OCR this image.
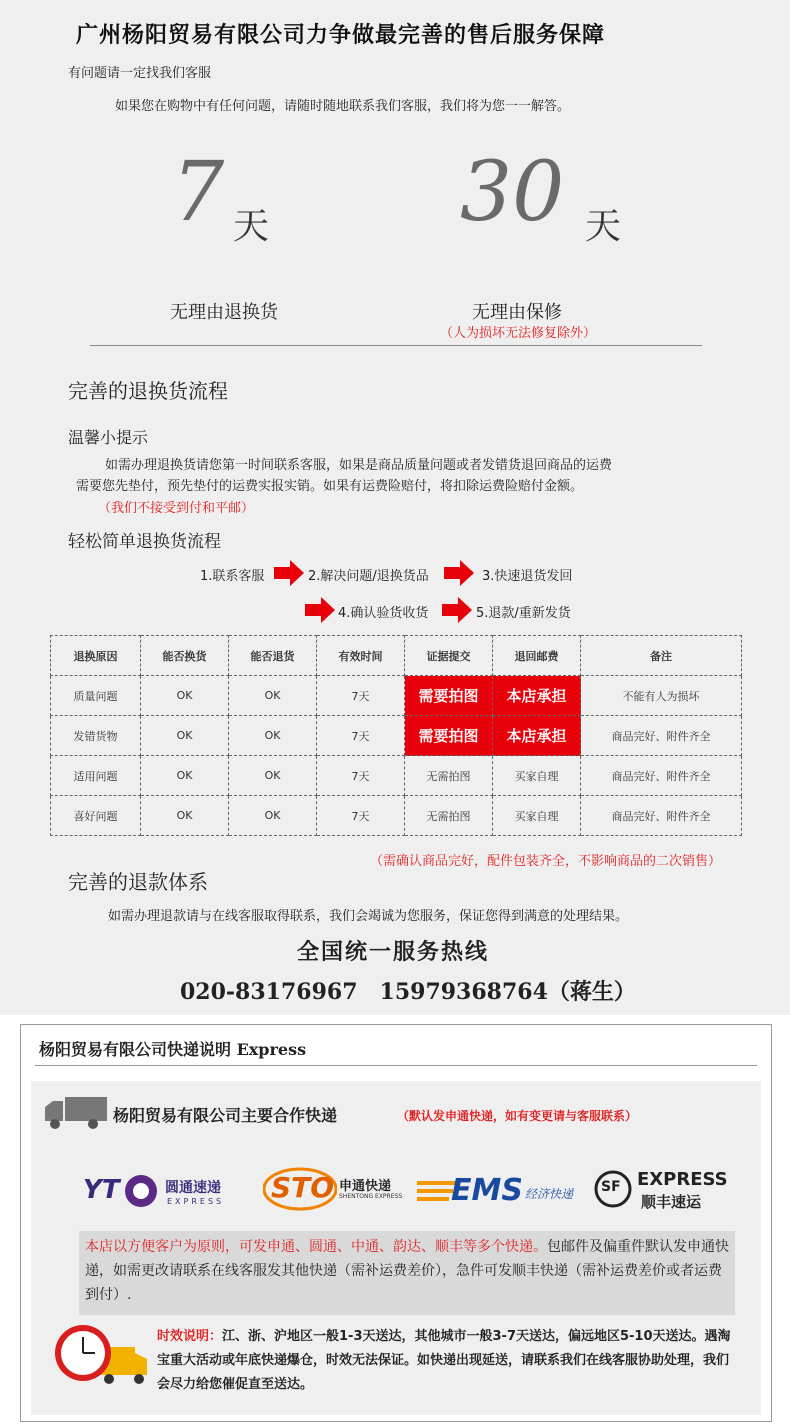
广州杨阳贸易有限公司力争做最完善的售后服务保障
有问题请一定找我们客服
如果您在购物中有任何问题，请随时随地联系我们客服，我们将为您一一解答。
7 天
无理由退换货
30 天
无理由保修
（人为损坏无法修复除外）
完善的退换货流程
温馨小提示
如需办理退换货请您第一时间联系客服，如果是商品质量问题或者发错货退回商品的运费
需要您先垫付，预先垫付的运费实报实销。如果有运费险赔付，将扣除运费险赔付金额。
（我们不接受到付和平邮）
轻松简单退换货流程
1.联系客服	2.解决问题/退换货品	3.快速退货发回
4.确认验货收货	5.退款/重新发货
退换原因	能否换货	能否退货	有效时间	证据提交	退回邮费	备注
质量问题	OK	OK	7天	需要拍图	本店承担	不能有人为损坏
发错货物	OK	OK	7天	需要拍图	本店承担	商品完好、附件齐全
适用问题	OK	OK	7天	无需拍图	买家自理	商品完好、附件齐全
喜好问题	OK	OK	7天	无需拍图	买家自理	商品完好、附件齐全
（需确认商品完好，配件包装齐全，不影响商品的二次销售）
完善的退款体系
如需办理退款请与在线客服取得联系，我们会竭诚为您服务，保证您得到满意的处理结果。
全国统一服务热线
020-83176967　15979368764（蒋生）
杨阳贸易有限公司快递说明 Express
杨阳贸易有限公司主要合作快递	（默认发申通快递，如有变更请与客服联系）
YT	圆通速递
EXPRESS STO 申通快递
SHENTONG EXPRESS EMS 经济快递 SF EXPRESS
顺丰速运
本店以方便客户为原则，可发申通、圆通、中通、韵达、顺丰等多个快递。包邮件及偏重件默认发申通快递，如需更改请联系在线客服发其他快递（需补运费差价），急件可发顺丰快递（需补运费差价或者运费到付）.
时效说明：江、浙、沪地区一般1-3天送达，其他城市一般3-7天送达，偏远地区5-10天送达。遇淘宝重大活动或年底快递爆仓，时效无法保证。如快递出现延送，请联系我们在线客服协助处理，我们会尽力给您催促直至送达。
